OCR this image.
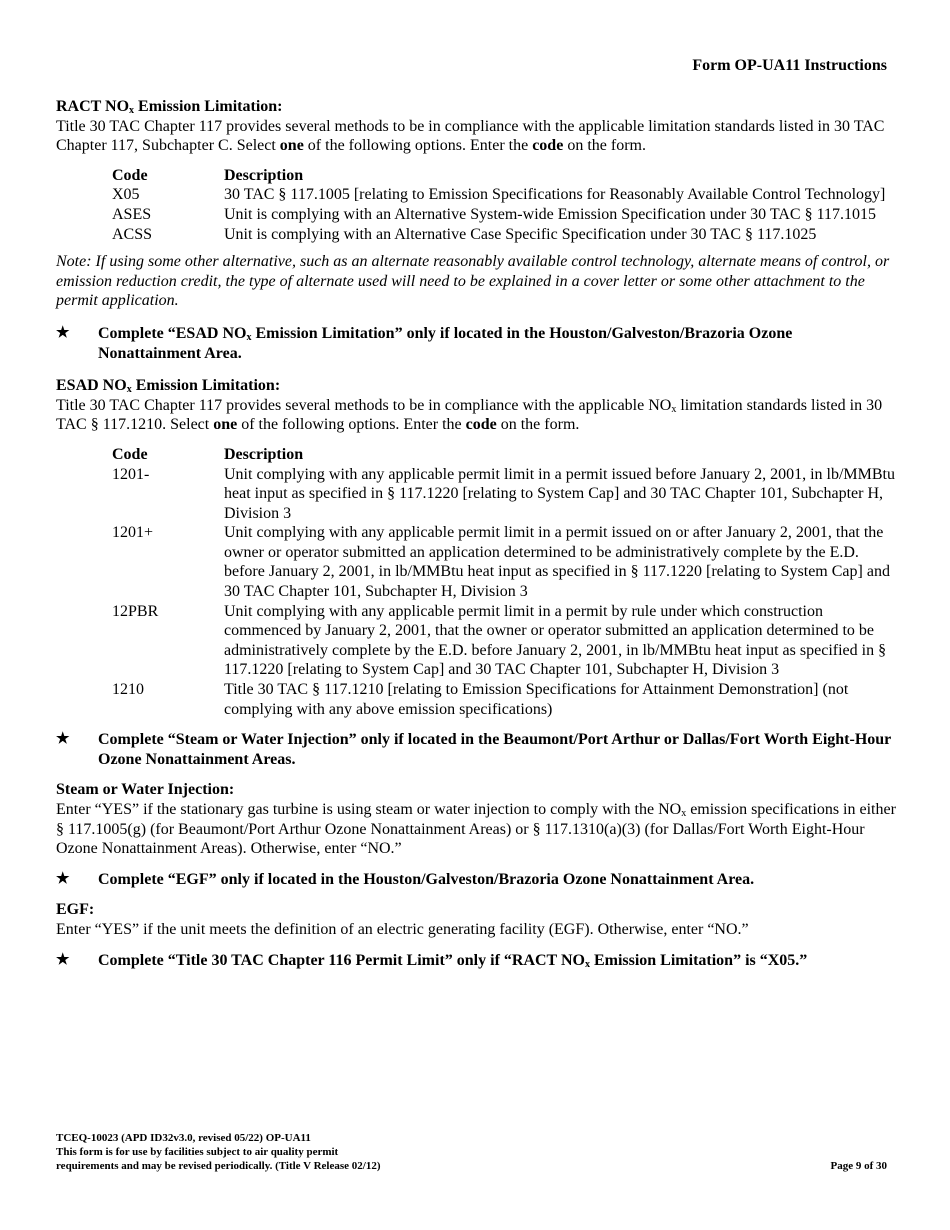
Form OP-UA11 Instructions

RACT $NO_x$ Emission Limitation:

Title 30 TAC Chapter 117 provides several methods to be in compliance with the applicable limitation standards listed in 30 TAC Chapter 117, Subchapter C. Select one of the following options. Enter the code on the form.

Code	Description
X05	30 TAC § 117.1005 [relating to Emission Specifications for Reasonably Available Control Technology]
ASES	Unit is complying with an Alternative System-wide Emission Specification under 30 TAC § 117.1015
ACSS	Unit is complying with an Alternative Case Specific Specification under 30 TAC § 117.1025

Note: If using some other alternative, such as an alternate reasonably available control technology, alternate means of control, or emission reduction credit, the type of alternate used will need to be explained in a cover letter or some other attachment to the permit application.

★	Complete “ESAD $NO_x$ Emission Limitation” only if located in the Houston/Galveston/Brazoria Ozone Nonattainment Area.

ESAD $NO_x$ Emission Limitation:

Title 30 TAC Chapter 117 provides several methods to be in compliance with the applicable $NO_x$ limitation standards listed in 30 TAC § 117.1210. Select one of the following options. Enter the code on the form.

Code	Description
1201-	Unit complying with any applicable permit limit in a permit issued before January 2, 2001, in lb/MMBtu heat input as specified in § 117.1220 [relating to System Cap] and 30 TAC Chapter 101, Subchapter H, Division 3
1201+	Unit complying with any applicable permit limit in a permit issued on or after January 2, 2001, that the owner or operator submitted an application determined to be administratively complete by the E.D. before January 2, 2001, in lb/MMBtu heat input as specified in § 117.1220 [relating to System Cap] and 30 TAC Chapter 101, Subchapter H, Division 3
12PBR	Unit complying with any applicable permit limit in a permit by rule under which construction commenced by January 2, 2001, that the owner or operator submitted an application determined to be administratively complete by the E.D. before January 2, 2001, in lb/MMBtu heat input as specified in § 117.1220 [relating to System Cap] and 30 TAC Chapter 101, Subchapter H, Division 3
1210	Title 30 TAC § 117.1210 [relating to Emission Specifications for Attainment Demonstration] (not complying with any above emission specifications)
★	Complete “Steam or Water Injection” only if located in the Beaumont/Port Arthur or Dallas/Fort Worth Eight-Hour Ozone Nonattainment Areas.

Steam or Water Injection:

Enter “YES” if the stationary gas turbine is using steam or water injection to comply with the $NO_x$ emission specifications in either § 117.1005(g) (for Beaumont/Port Arthur Ozone Nonattainment Areas) or § 117.1310(a)(3) (for Dallas/Fort Worth Eight-Hour Ozone Nonattainment Areas). Otherwise, enter “NO.”

★	Complete “EGF” only if located in the Houston/Galveston/Brazoria Ozone Nonattainment Area.

EGF:

Enter “YES” if the unit meets the definition of an electric generating facility (EGF). Otherwise, enter “NO.”

★	Complete “Title 30 TAC Chapter 116 Permit Limit” only if “RACT $NO_x$ Emission Limitation” is “X05.”
TCEQ-10023 (APD ID32v3.0, revised 05/22) OP-UA11
This form is for use by facilities subject to air quality permit
requirements and may be revised periodically. (Title V Release 02/12)	Page 9 of 30
